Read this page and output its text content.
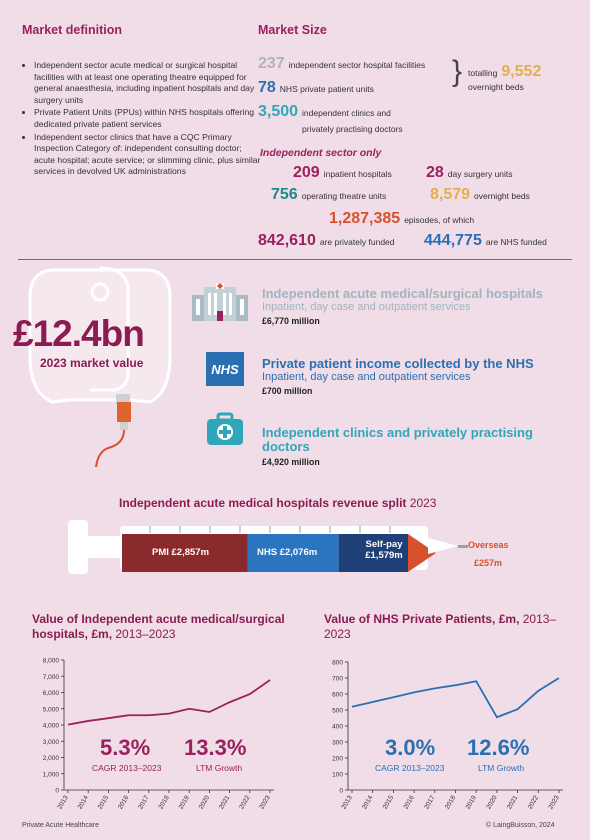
Market definition
• Independent sector acute medical or surgical hospital facilities with at least one operating theatre equipped for general anaesthesia, including inpatient hospitals and day surgery units
• Private Patient Units (PPUs) within NHS hospitals offering dedicated private patient services
• Independent sector clinics that have a CQC Primary Inspection Category of: independent consulting doctor; acute hospital; acute service; or slimming clinic, plus similar services in devolved UK administrations
Market Size
237 independent sector hospital facilities
78 NHS private patient units
3,500 independent clinics and
privately practising doctors
} totalling 9,552
overnight beds
Independent sector only
209 inpatient hospitals 28 day surgery units
756 operating theatre units	8,579 overnight beds
1,287,385 episodes, of which
842,610 are privately funded 444,775 are NHS funded
£12.4bn
2023 market value
Independent acute medical/surgical hospitals
Inpatient, day case and outpatient services
£6,770 million
NHS Private patient income collected by the NHS
Inpatient, day case and outpatient services
£700 million
Independent clinics and privately practising doctors
£4,920 million
Independent acute medical hospitals revenue split 2023
PMI £2,857m	NHS £2,076m
Self-pay
£1,579m
Overseas
£257m
Value of Independent acute medical/surgical hospitals, £m, 2013–2023
0
1,000
2,000
3,000
4,000
5,000
6,000
7,000
8,000
2013 2014 2015 2016 2017 2018 2019 2020 2021 2022 2023
5.3%
CAGR 2013–2023
13.3%
LTM Growth
Value of NHS Private Patients, £m, 2013–2023
0
100
200
300
400
500
600
700
800
2013 2014 2015 2016 2017 2018 2019 2020 2021 2022 2023
3.0%
CAGR 2013–2023
12.6%
LTM Growth
Private Acute Healthcare	© LaingBuisson, 2024
